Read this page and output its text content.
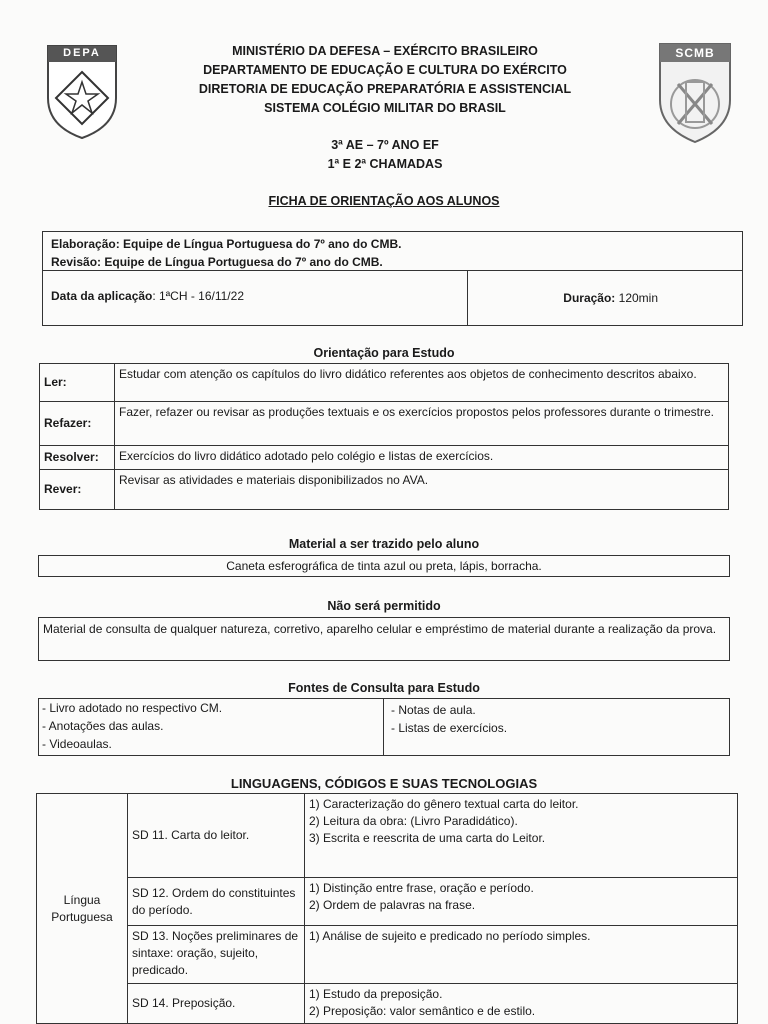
DEPA	SCMB
MINISTÉRIO DA DEFESA – EXÉRCITO BRASILEIRO
DEPARTAMENTO DE EDUCAÇÃO E CULTURA DO EXÉRCITO
DIRETORIA DE EDUCAÇÃO PREPARATÓRIA E ASSISTENCIAL
SISTEMA COLÉGIO MILITAR DO BRASIL
3ª AE – 7º ANO EF
1ª E 2ª CHAMADAS
FICHA DE ORIENTAÇÃO AOS ALUNOS
Elaboração: Equipe de Língua Portuguesa do 7º ano do CMB.
Revisão: Equipe de Língua Portuguesa do 7º ano do CMB.
Data da aplicação: 1ªCH - 16/11/22	Duração: 120min
Orientação para Estudo
Ler:	Estudar com atenção os capítulos do livro didático referentes aos objetos de conhecimento descritos abaixo.
Refazer:	Fazer, refazer ou revisar as produções textuais e os exercícios propostos pelos professores durante o trimestre.
Resolver:	Exercícios do livro didático adotado pelo colégio e listas de exercícios.
Rever:	Revisar as atividades e materiais disponibilizados no AVA.
Material a ser trazido pelo aluno
Caneta esferográfica de tinta azul ou preta, lápis, borracha.
Não será permitido
Material de consulta de qualquer natureza, corretivo, aparelho celular e empréstimo de material durante a realização da prova.
Fontes de Consulta para Estudo
- Livro adotado no respectivo CM.
- Anotações das aulas.
- Videoaulas.
- Notas de aula.
- Listas de exercícios.
LINGUAGENS, CÓDIGOS E SUAS TECNOLOGIAS
Língua Portuguesa	SD 11. Carta do leitor.	1) Caracterização do gênero textual carta do leitor.
2) Leitura da obra: (Livro Paradidático).
3) Escrita e reescrita de uma carta do Leitor.

	SD 12. Ordem do constituintes do período.	1) Distinção entre frase, oração e período.
2) Ordem de palavras na frase.

	SD 13. Noções preliminares de sintaxe: oração, sujeito, predicado.	1) Análise de sujeito e predicado no período simples.

	SD 14. Preposição.	1) Estudo da preposição.
2) Preposição: valor semântico e de estilo.
